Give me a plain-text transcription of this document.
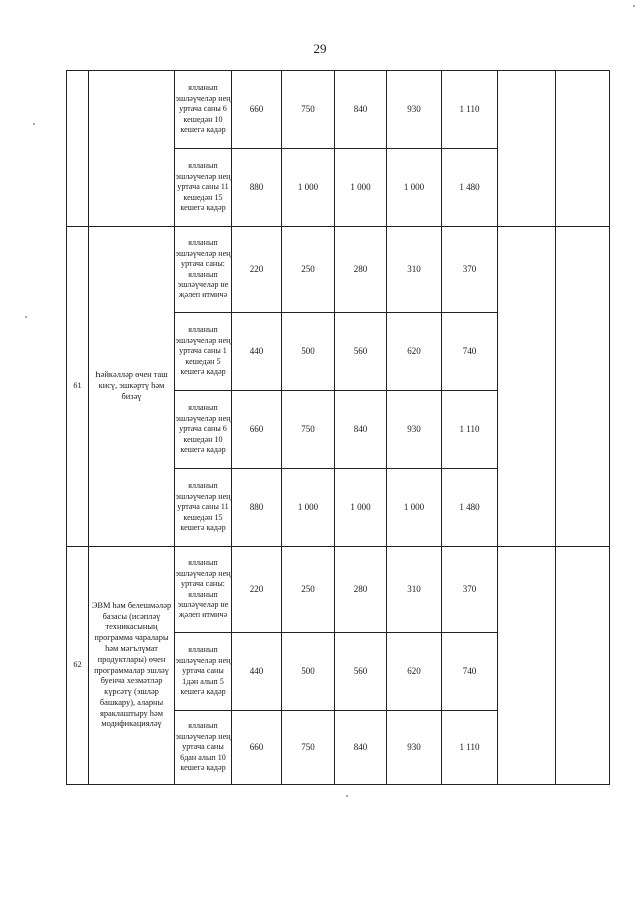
29
		ялланып эшләүчеләр нең уртача саны 6 кешедән 10 кешегә кадәр	660	750	840	930	1 110		
		ялланып эшләүчеләр нең уртача саны 11 кешедән 15 кешегә кадәр	880	1 000	1 000	1 000	1 480		
61	Һәйкәлләр өчен таш кисү, эшкәртү һәм бизәү	ялланып эшләүчеләр нең уртача саны: ялланып эшләүчеләр не җәлеп итмичә	220	250	280	310	370		
		ялланып эшләүчеләр нең уртача саны 1 кешедән 5 кешегә кадәр	440	500	560	620	740		
		ялланып эшләүчеләр нең уртача саны 6 кешедән 10 кешегә кадәр	660	750	840	930	1 110		
		ялланып эшләүчеләр нең уртача саны 11 кешедән 15 кешегә кадәр	880	1 000	1 000	1 000	1 480		
62	ЭВМ һәм белешмәләр базасы (исәпләү техникасының программа чаралары һәм мәгълүмат продуктлары) өчен программалар эшләү буенча хезмәтләр күрсәтү (эшләр башкару), аларны яраклаштыру һәм модификацияләү	ялланып эшләүчеләр нең уртача саны: ялланып эшләүчеләр не җәлеп итмичә	220	250	280	310	370		
		ялланып эшләүчеләр нең уртача саны 1дән алып 5 кешегә кадәр	440	500	560	620	740		
		ялланып эшләүчеләр нең уртача саны 6дан алып 10 кешегә кадәр	660	750	840	930	1 110		
